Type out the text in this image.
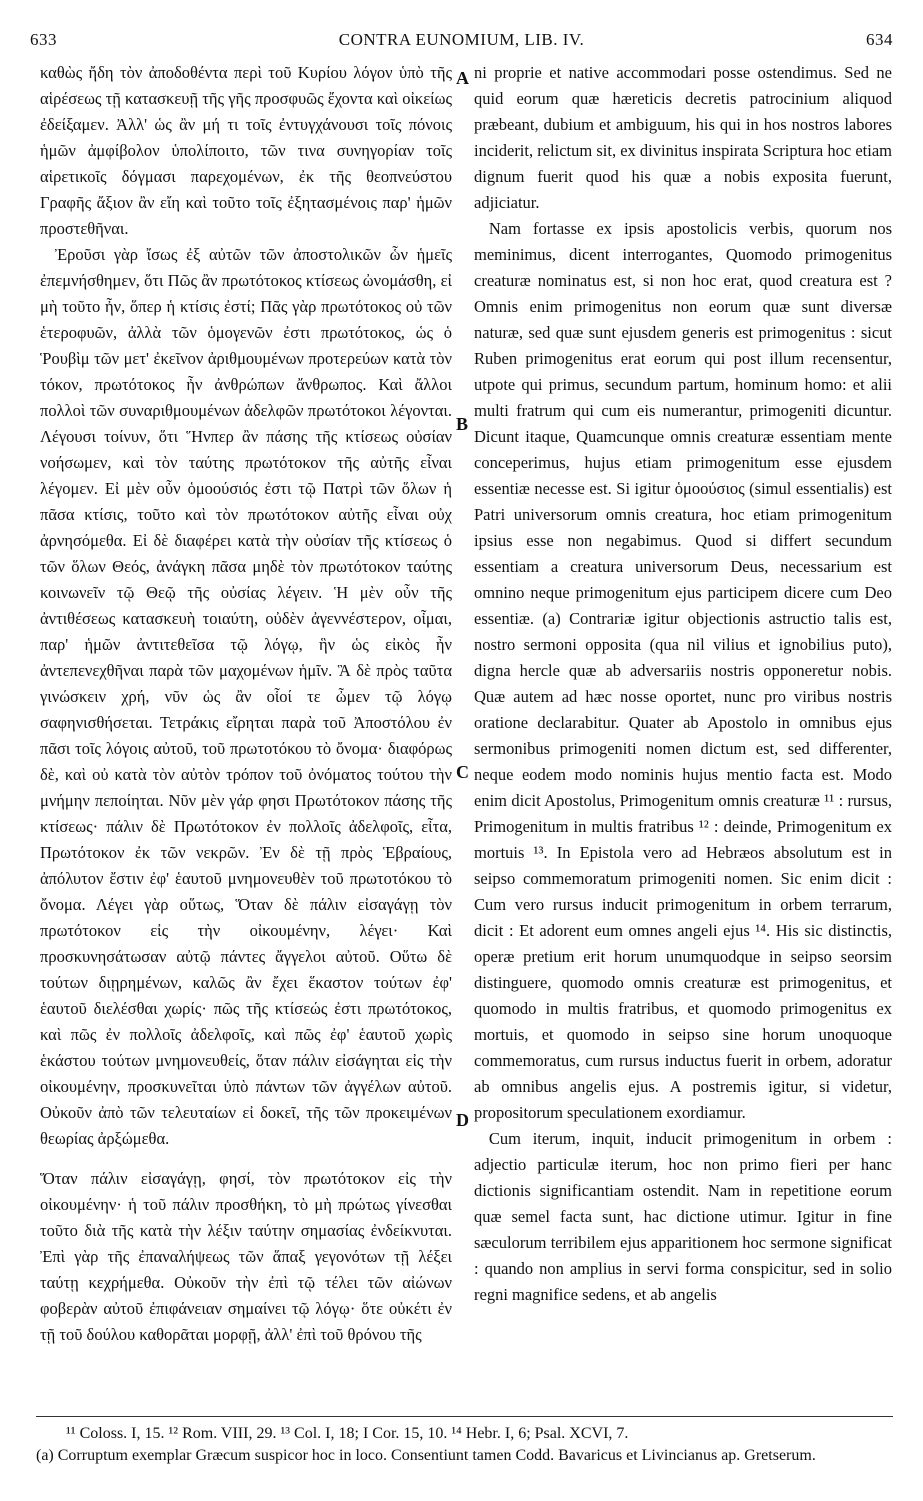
633	CONTRA EUNOMIUM, LIB. IV.	634

καθὼς ἤδη τὸν ἀποδοθέντα περὶ τοῦ Κυρίου λόγον ὑπὸ τῆς αἱρέσεως τῇ κατασκευῇ τῆς γῆς προσφυῶς ἔχοντα καὶ οἰκείως ἐδείξαμεν. Ἀλλ' ὡς ἂν μή τι τοῖς ἐντυγχάνουσι τοῖς πόνοις ἡμῶν ἀμφίβολον ὑπολίποιτο, τῶν τινα συνηγορίαν τοῖς αἱρετικοῖς δόγμασι παρεχομένων, ἐκ τῆς θεοπνεύστου Γραφῆς ἄξιον ἂν εἴη καὶ τοῦτο τοῖς ἐξητασμένοις παρ' ἡμῶν προστεθῆναι.

Ἐροῦσι γὰρ ἴσως ἐξ αὐτῶν τῶν ἀποστολικῶν ὧν ἡμεῖς ἐπεμνήσθημεν, ὅτι Πῶς ἂν πρωτότοκος κτίσεως ὠνομάσθη, εἰ μὴ τοῦτο ἦν, ὅπερ ἡ κτίσις ἐστί; Πᾶς γὰρ πρωτότοκος οὐ τῶν ἑτεροφυῶν, ἀλλὰ τῶν ὁμογενῶν ἐστι πρωτότοκος, ὡς ὁ Ῥουβὶμ τῶν μετ' ἐκεῖνον ἀριθμουμένων προτερεύων κατὰ τὸν τόκον, πρωτότοκος ἦν ἀνθρώπων ἄνθρωπος. Καὶ ἄλλοι πολλοὶ τῶν συναριθμουμένων ἀδελφῶν πρωτότοκοι λέγονται. Λέγουσι τοίνυν, ὅτι Ἥνπερ ἂν πάσης τῆς κτίσεως οὐσίαν νοήσωμεν, καὶ τὸν ταύτης πρωτότοκον τῆς αὐτῆς εἶναι λέγομεν. Εἰ μὲν οὖν ὁμοούσιός ἐστι τῷ Πατρὶ τῶν ὅλων ἡ πᾶσα κτίσις, τοῦτο καὶ τὸν πρωτότοκον αὐτῆς εἶναι οὐχ ἀρνησόμεθα. Εἰ δὲ διαφέρει κατὰ τὴν οὐσίαν τῆς κτίσεως ὁ τῶν ὅλων Θεός, ἀνάγκη πᾶσα μηδὲ τὸν πρωτότοκον ταύτης κοινωνεῖν τῷ Θεῷ τῆς οὐσίας λέγειν. Ἡ μὲν οὖν τῆς ἀντιθέσεως κατασκευὴ τοιαύτη, οὐδὲν ἀγεννέστερον, οἶμαι, παρ' ἡμῶν ἀντιτεθεῖσα τῷ λόγῳ, ἣν ὡς εἰκὸς ἦν ἀντεπενεχθῆναι παρὰ τῶν μαχομένων ἡμῖν. Ἃ δὲ πρὸς ταῦτα γινώσκειν χρή, νῦν ὡς ἂν οἷοί τε ὦμεν τῷ λόγῳ σαφηνισθήσεται. Τετράκις εἴρηται παρὰ τοῦ Ἀποστόλου ἐν πᾶσι τοῖς λόγοις αὐτοῦ, τοῦ πρωτοτόκου τὸ ὄνομα· διαφόρως δὲ, καὶ οὐ κατὰ τὸν αὐτὸν τρόπον τοῦ ὀνόματος τούτου τὴν μνήμην πεποίηται. Νῦν μὲν γάρ φησι Πρωτότοκον πάσης τῆς κτίσεως· πάλιν δὲ Πρωτότοκον ἐν πολλοῖς ἀδελφοῖς, εἶτα, Πρωτότοκον ἐκ τῶν νεκρῶν. Ἐν δὲ τῇ πρὸς Ἑβραίους, ἀπόλυτον ἔστιν ἐφ' ἑαυτοῦ μνημονευθὲν τοῦ πρωτοτόκου τὸ ὄνομα. Λέγει γὰρ οὕτως, Ὅταν δὲ πάλιν εἰσαγάγῃ τὸν πρωτότοκον εἰς τὴν οἰκουμένην, λέγει· Καὶ προσκυνησάτωσαν αὐτῷ πάντες ἄγγελοι αὐτοῦ. Οὕτω δὲ τούτων διῃρημένων, καλῶς ἂν ἔχει ἕκαστον τούτων ἐφ' ἑαυτοῦ διελέσθαι χωρίς· πῶς τῆς κτίσεώς ἐστι πρωτότοκος, καὶ πῶς ἐν πολλοῖς ἀδελφοῖς, καὶ πῶς ἐφ' ἑαυτοῦ χωρὶς ἑκάστου τούτων μνημονευθείς, ὅταν πάλιν εἰσάγηται εἰς τὴν οἰκουμένην, προσκυνεῖται ὑπὸ πάντων τῶν ἀγγέλων αὐτοῦ. Οὐκοῦν ἀπὸ τῶν τελευταίων εἰ δοκεῖ, τῆς τῶν προκειμένων θεωρίας ἀρξώμεθα.

Ὅταν πάλιν εἰσαγάγῃ, φησί, τὸν πρωτότοκον εἰς τὴν οἰκουμένην· ἡ τοῦ πάλιν προσθήκη, τὸ μὴ πρώτως γίνεσθαι τοῦτο διὰ τῆς κατὰ τὴν λέξιν ταύτην σημασίας ἐνδείκνυται. Ἐπὶ γὰρ τῆς ἐπαναλήψεως τῶν ἅπαξ γεγονότων τῇ λέξει ταύτῃ κεχρήμεθα. Οὐκοῦν τὴν ἐπὶ τῷ τέλει τῶν αἰώνων φοβερὰν αὐτοῦ ἐπιφάνειαν σημαίνει τῷ λόγῳ· ὅτε οὐκέτι ἐν τῇ τοῦ δούλου καθορᾶται μορφῇ, ἀλλ' ἐπὶ τοῦ θρόνου τῆς

ni proprie et native accommodari posse ostendimus. Sed ne quid eorum quæ hæreticis decretis patrocinium aliquod præbeant, dubium et ambiguum, his qui in hos nostros labores inciderit, relictum sit, ex divinitus inspirata Scriptura hoc etiam dignum fuerit quod his quæ a nobis exposita fuerunt, adjiciatur.

Nam fortasse ex ipsis apostolicis verbis, quorum nos meminimus, dicent interrogantes, Quomodo primogenitus creaturæ nominatus est, si non hoc erat, quod creatura est ? Omnis enim primogenitus non eorum quæ sunt diversæ naturæ, sed quæ sunt ejusdem generis est primogenitus : sicut Ruben primogenitus erat eorum qui post illum recensentur, utpote qui primus, secundum partum, hominum homo: et alii multi fratrum qui cum eis numerantur, primogeniti dicuntur. Dicunt itaque, Quamcunque omnis creaturæ essentiam mente conceperimus, hujus etiam primogenitum esse ejusdem essentiæ necesse est. Si igitur ὁμοούσιος (simul essentialis) est Patri universorum omnis creatura, hoc etiam primogenitum ipsius esse non negabimus. Quod si differt secundum essentiam a creatura universorum Deus, necessarium est omnino neque primogenitum ejus participem dicere cum Deo essentiæ. (a) Contrariæ igitur objectionis astructio talis est, nostro sermoni opposita (qua nil vilius et ignobilius puto), digna hercle quæ ab adversariis nostris opponeretur nobis. Quæ autem ad hæc nosse oportet, nunc pro viribus nostris oratione declarabitur. Quater ab Apostolo in omnibus ejus sermonibus primogeniti nomen dictum est, sed differenter, neque eodem modo nominis hujus mentio facta est. Modo enim dicit Apostolus, Primogenitum omnis creaturæ ¹¹ : rursus, Primogenitum in multis fratribus ¹² : deinde, Primogenitum ex mortuis ¹³. In Epistola vero ad Hebræos absolutum est in seipso commemoratum primogeniti nomen. Sic enim dicit : Cum vero rursus inducit primogenitum in orbem terrarum, dicit : Et adorent eum omnes angeli ejus ¹⁴. His sic distinctis, operæ pretium erit horum unumquodque in seipso seorsim distinguere, quomodo omnis creaturæ est primogenitus, et quomodo in multis fratribus, et quomodo primogenitus ex mortuis, et quomodo in seipso sine horum unoquoque commemoratus, cum rursus inductus fuerit in orbem, adoratur ab omnibus angelis ejus. A postremis igitur, si videtur, propositorum speculationem exordiamur.

Cum iterum, inquit, inducit primogenitum in orbem : adjectio particulæ iterum, hoc non primo fieri per hanc dictionis significantiam ostendit. Nam in repetitione eorum quæ semel facta sunt, hac dictione utimur. Igitur in fine sæculorum terribilem ejus apparitionem hoc sermone significat : quando non amplius in servi forma conspicitur, sed in solio regni magnifice sedens, et ab angelis

A
B
C
D
¹¹ Coloss. I, 15. ¹² Rom. VIII, 29. ¹³ Col. I, 18; I Cor. 15, 10. ¹⁴ Hebr. I, 6; Psal. XCVI, 7.
(a) Corruptum exemplar Græcum suspicor hoc in loco. Consentiunt tamen Codd. Bavaricus et Livincianus ap. Gretserum.
